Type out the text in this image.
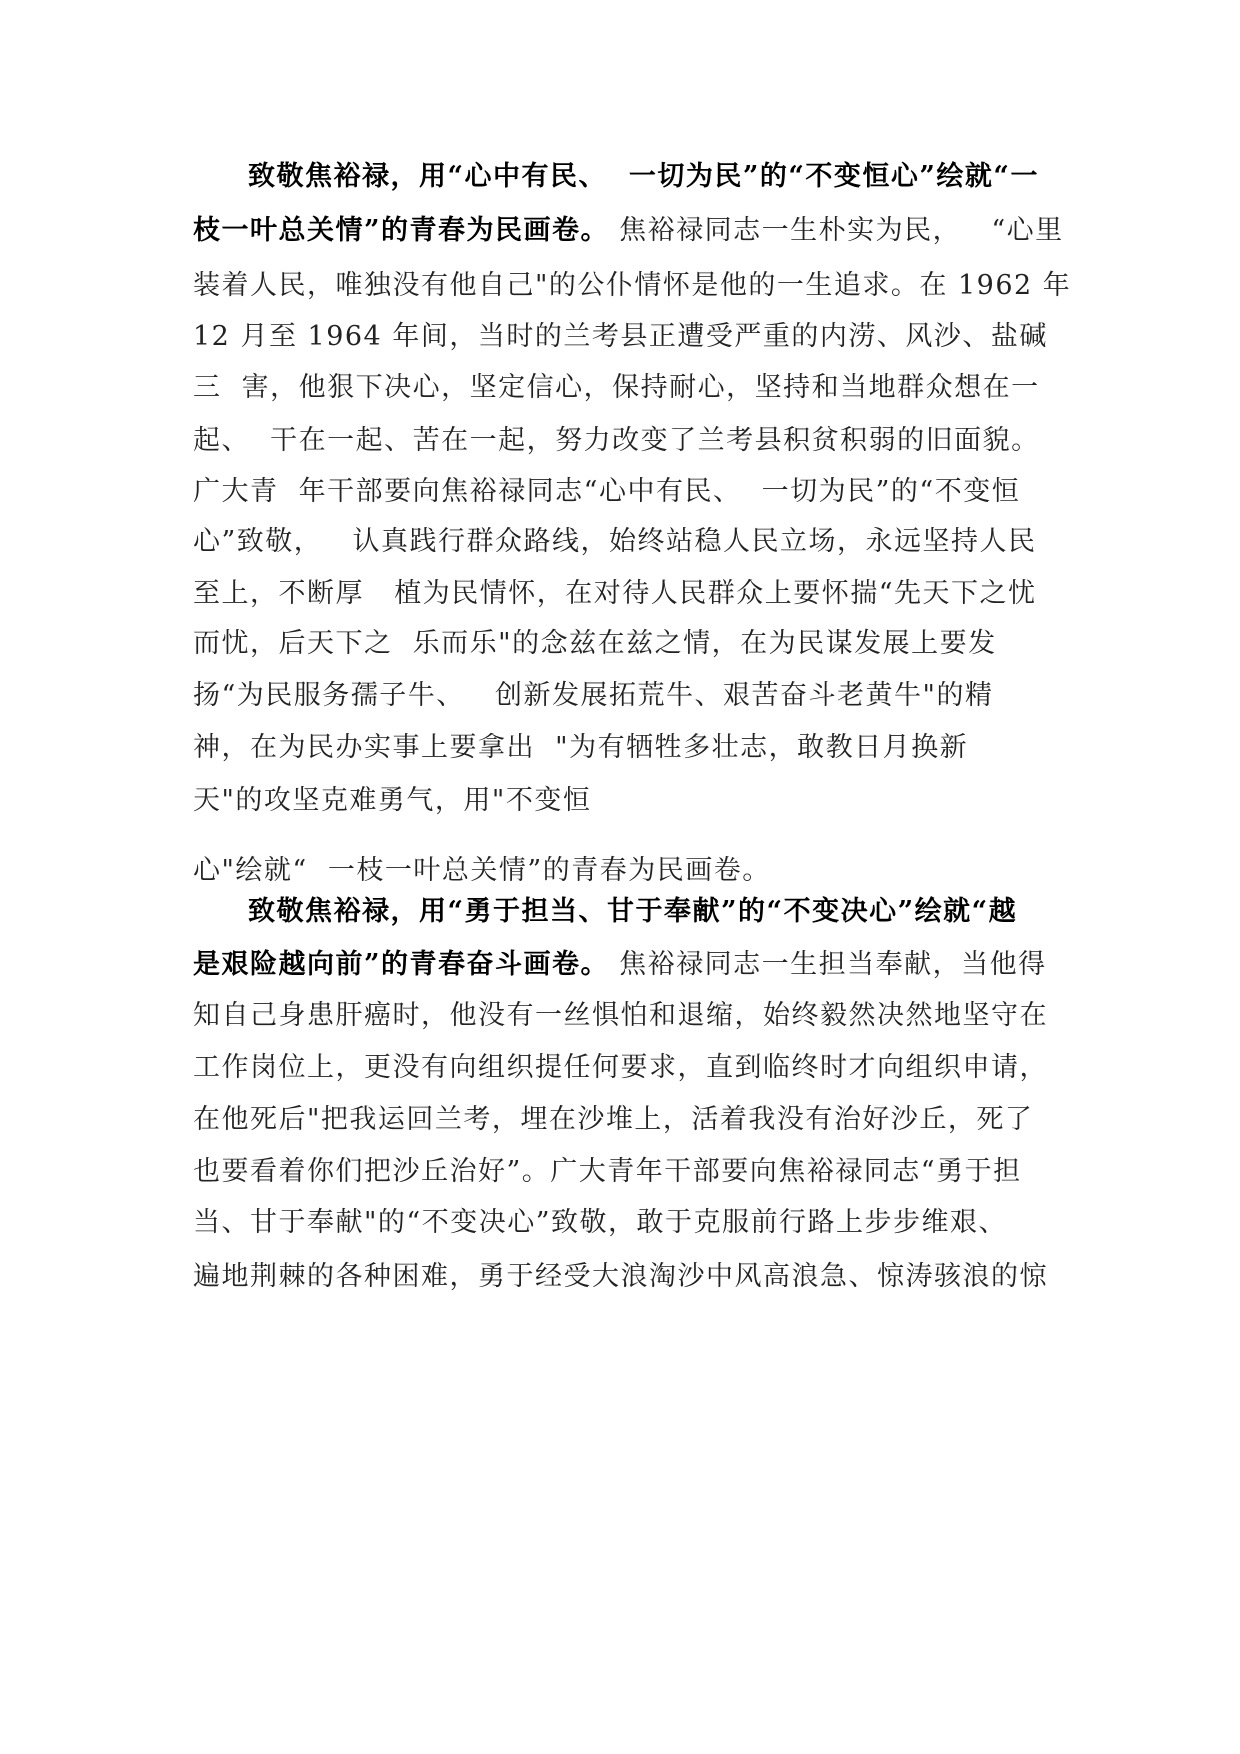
致敬焦裕禄，用“心中有民、  一切为民”的“不变恒心”绘就“一
枝一叶总关情”的青春为民画卷。 焦裕禄同志一生朴实为民，   “心里
装着人民，唯独没有他自己"的公仆情怀是他的一生追求。在 1962 年
12 月至 1964 年间，当时的兰考县正遭受严重的内涝、风沙、盐碱
三  害，他狠下决心，坚定信心，保持耐心，坚持和当地群众想在一
起、  干在一起、苦在一起，努力改变了兰考县积贫积弱的旧面貌。
广大青  年干部要向焦裕禄同志“心中有民、  一切为民”的“不变恒
心”致敬，   认真践行群众路线，始终站稳人民立场，永远坚持人民
至上，不断厚   植为民情怀，在对待人民群众上要怀揣“先天下之忧
而忧，后天下之  乐而乐"的念兹在兹之情，在为民谋发展上要发
扬“为民服务孺子牛、   创新发展拓荒牛、艰苦奋斗老黄牛"的精
神，在为民办实事上要拿出  "为有牺牲多壮志，敢教日月换新
天"的攻坚克难勇气，用"不变恒
心"绘就“  一枝一叶总关情”的青春为民画卷。
致敬焦裕禄，用“勇于担当、甘于奉献”的“不变决心”绘就“越
是艰险越向前”的青春奋斗画卷。 焦裕禄同志一生担当奉献，当他得
知自己身患肝癌时，他没有一丝惧怕和退缩，始终毅然决然地坚守在
工作岗位上，更没有向组织提任何要求，直到临终时才向组织申请，
在他死后"把我运回兰考，埋在沙堆上，活着我没有治好沙丘，死了
也要看着你们把沙丘治好”。广大青年干部要向焦裕禄同志“勇于担
当、甘于奉献"的“不变决心”致敬，敢于克服前行路上步步维艰、
遍地荆棘的各种困难，勇于经受大浪淘沙中风高浪急、惊涛骇浪的惊
